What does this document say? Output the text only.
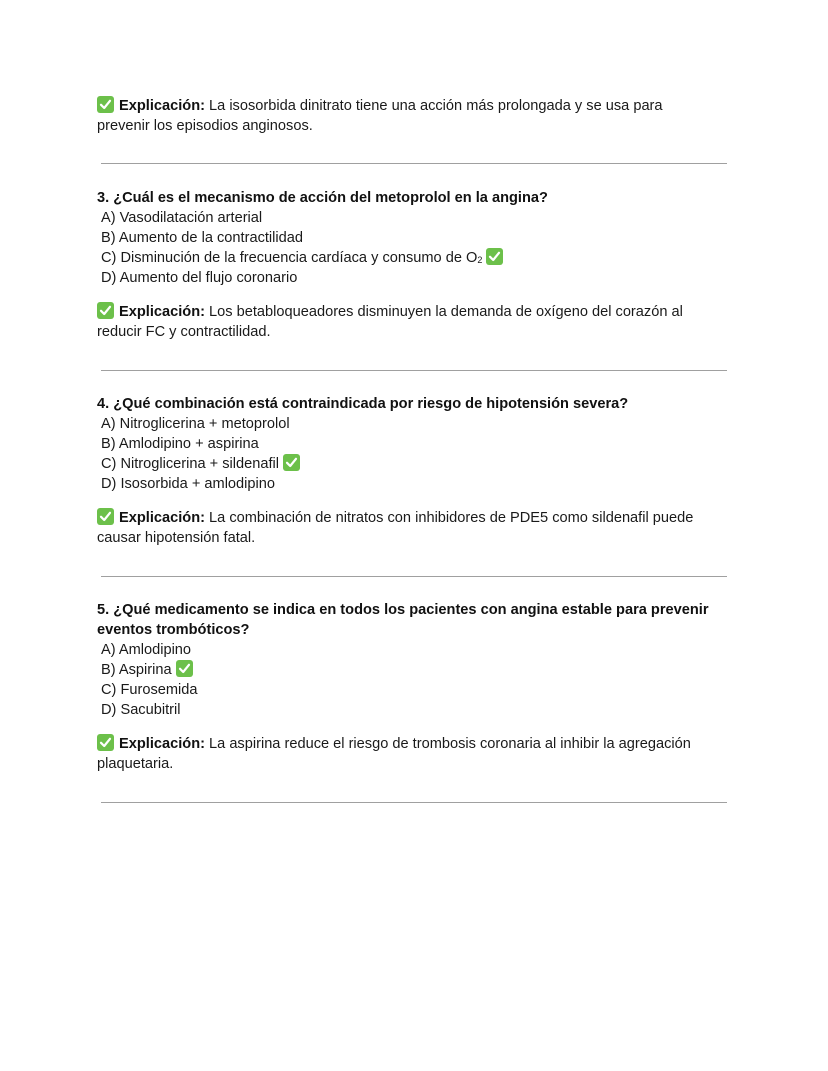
Explicación: La isosorbida dinitrato tiene una acción más prolongada y se usa para
prevenir los episodios anginosos.
3. ¿Cuál es el mecanismo de acción del metoprolol en la angina?
A) Vasodilatación arterial
B) Aumento de la contractilidad
C) Disminución de la frecuencia cardíaca y consumo de $O_2$
D) Aumento del flujo coronario
Explicación: Los betabloqueadores disminuyen la demanda de oxígeno del corazón al
reducir FC y contractilidad.
4. ¿Qué combinación está contraindicada por riesgo de hipotensión severa?
A) Nitroglicerina + metoprolol
B) Amlodipino + aspirina
C) Nitroglicerina + sildenafil
D) Isosorbida + amlodipino
Explicación: La combinación de nitratos con inhibidores de PDE5 como sildenafil puede
causar hipotensión fatal.
5. ¿Qué medicamento se indica en todos los pacientes con angina estable para prevenir
eventos trombóticos?
A) Amlodipino
B) Aspirina
C) Furosemida
D) Sacubitril
Explicación: La aspirina reduce el riesgo de trombosis coronaria al inhibir la agregación
plaquetaria.
